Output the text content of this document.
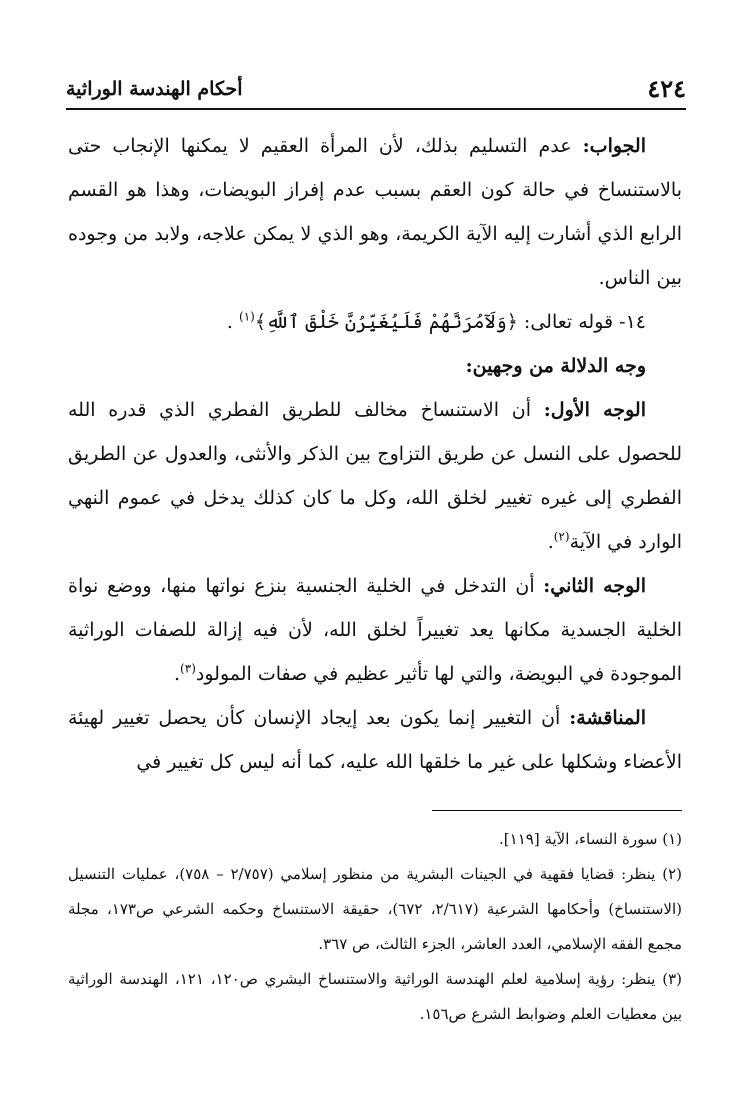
٤٢٤
أحكام الهندسة الوراثية

الجواب: عدم التسليم بذلك، لأن المرأة العقيم لا يمكنها الإنجاب حتى بالاستنساخ في حالة كون العقم بسبب عدم إفراز البويضات، وهذا هو القسم الرابع الذي أشارت إليه الآية الكريمة، وهو الذي لا يمكن علاجه، ولابد من وجوده بين الناس.

١٤- قوله تعالى: ﴿وَلَآمُرَنَّهُمْ فَلَيُغَيِّرُنَّ خَلْقَ ٱللَّهِ﴾$^{(١)}$ .

وجه الدلالة من وجهين:

الوجه الأول: أن الاستنساخ مخالف للطريق الفطري الذي قدره الله للحصول على النسل عن طريق التزاوج بين الذكر والأنثى، والعدول عن الطريق الفطري إلى غيره تغيير لخلق الله، وكل ما كان كذلك يدخل في عموم النهي الوارد في الآية$^{(٢)}$.

الوجه الثاني: أن التدخل في الخلية الجنسية بنزع نواتها منها، ووضع نواة الخلية الجسدية مكانها يعد تغييراً لخلق الله، لأن فيه إزالة للصفات الوراثية الموجودة في البويضة، والتي لها تأثير عظيم في صفات المولود$^{(٣)}$.

المناقشة: أن التغيير إنما يكون بعد إيجاد الإنسان كأن يحصل تغيير لهيئة الأعضاء وشكلها على غير ما خلقها الله عليه، كما أنه ليس كل تغيير في

(١) سورة النساء، الآية [١١٩].

(٢) ينظر: قضايا فقهية في الجينات البشرية من منظور إسلامي (٢/٧٥٧ – ٧٥٨)، عمليات التنسيل (الاستنساخ) وأحكامها الشرعية (٢/٦١٧، ٦٧٢)، حقيقة الاستنساخ وحكمه الشرعي ص١٧٣، مجلة مجمع الفقه الإسلامي، العدد العاشر، الجزء الثالث، ص ٣٦٧.

(٣) ينظر: رؤية إسلامية لعلم الهندسة الوراثية والاستنساخ البشري ص١٢٠، ١٢١، الهندسة الوراثية بين معطيات العلم وضوابط الشرع ص١٥٦.
